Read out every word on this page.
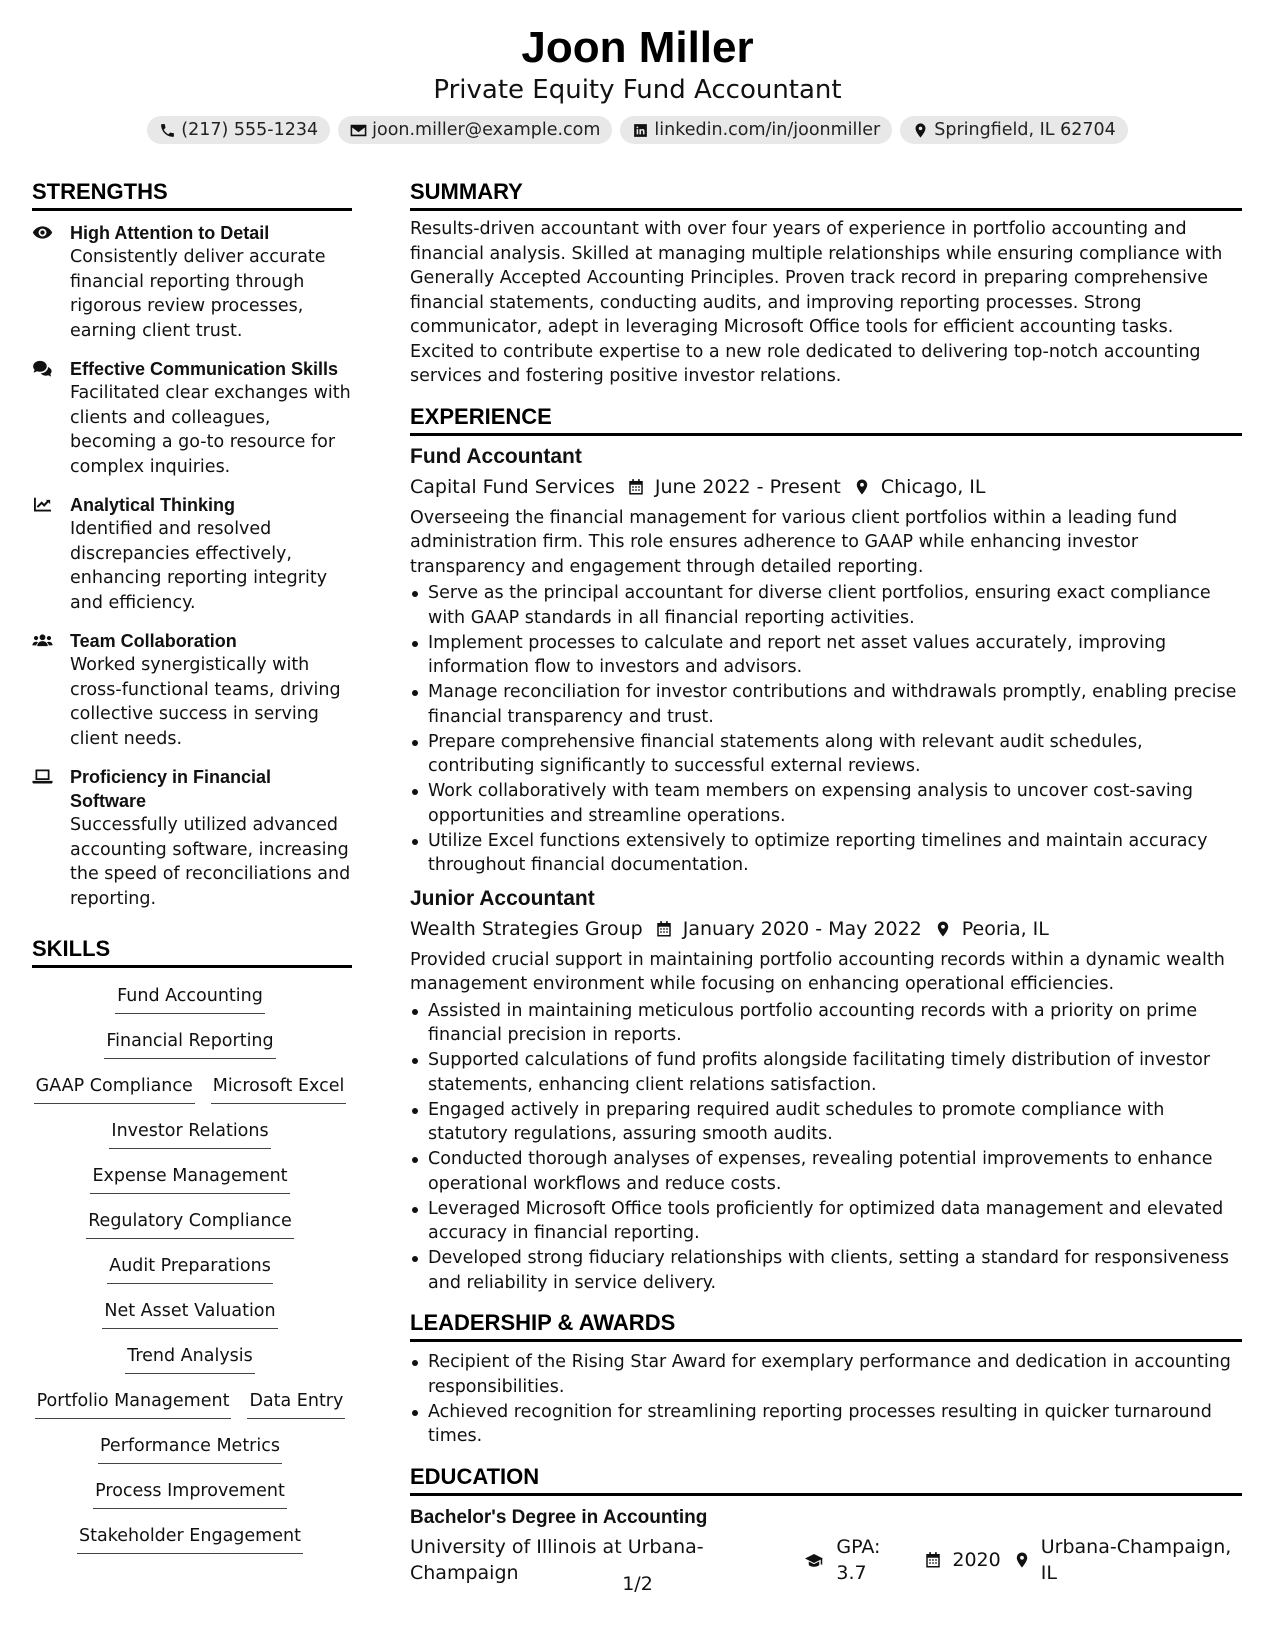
Joon Miller
Private Equity Fund Accountant
(217) 555-1234	joon.miller@example.com	linkedin.com/in/joonmiller	Springfield, IL 62704
STRENGTHS
High Attention to Detail
Consistently deliver accurate financial reporting through rigorous review processes, earning client trust.
Effective Communication Skills
Facilitated clear exchanges with clients and colleagues, becoming a go-to resource for complex inquiries.
Analytical Thinking
Identified and resolved discrepancies effectively, enhancing reporting integrity and efficiency.
Team Collaboration
Worked synergistically with cross-functional teams, driving collective success in serving client needs.
Proficiency in Financial Software
Successfully utilized advanced accounting software, increasing the speed of reconciliations and reporting.
SKILLS
Fund Accounting
Financial Reporting
GAAP Compliance Microsoft Excel
Investor Relations
Expense Management
Regulatory Compliance
Audit Preparations
Net Asset Valuation
Trend Analysis
Portfolio Management Data Entry
Performance Metrics
Process Improvement
Stakeholder Engagement
SUMMARY
Results-driven accountant with over four years of experience in portfolio accounting and financial analysis. Skilled at managing multiple relationships while ensuring compliance with Generally Accepted Accounting Principles. Proven track record in preparing comprehensive financial statements, conducting audits, and improving reporting processes. Strong communicator, adept in leveraging Microsoft Office tools for efficient accounting tasks. Excited to contribute expertise to a new role dedicated to delivering top-notch accounting services and fostering positive investor relations.
EXPERIENCE
Fund Accountant
Capital Fund Services June 2022 - Present Chicago, IL
Overseeing the financial management for various client portfolios within a leading fund administration firm. This role ensures adherence to GAAP while enhancing investor transparency and engagement through detailed reporting.
Serve as the principal accountant for diverse client portfolios, ensuring exact compliance with GAAP standards in all financial reporting activities.
Implement processes to calculate and report net asset values accurately, improving information flow to investors and advisors.
Manage reconciliation for investor contributions and withdrawals promptly, enabling precise financial transparency and trust.
Prepare comprehensive financial statements along with relevant audit schedules, contributing significantly to successful external reviews.
Work collaboratively with team members on expensing analysis to uncover cost-saving opportunities and streamline operations.
Utilize Excel functions extensively to optimize reporting timelines and maintain accuracy throughout financial documentation.
Junior Accountant
Wealth Strategies Group January 2020 - May 2022 Peoria, IL
Provided crucial support in maintaining portfolio accounting records within a dynamic wealth management environment while focusing on enhancing operational efficiencies.
Assisted in maintaining meticulous portfolio accounting records with a priority on prime financial precision in reports.
Supported calculations of fund profits alongside facilitating timely distribution of investor statements, enhancing client relations satisfaction.
Engaged actively in preparing required audit schedules to promote compliance with statutory regulations, assuring smooth audits.
Conducted thorough analyses of expenses, revealing potential improvements to enhance operational workflows and reduce costs.
Leveraged Microsoft Office tools proficiently for optimized data management and elevated accuracy in financial reporting.
Developed strong fiduciary relationships with clients, setting a standard for responsiveness and reliability in service delivery.
LEADERSHIP & AWARDS
Recipient of the Rising Star Award for exemplary performance and dedication in accounting responsibilities.
Achieved recognition for streamlining reporting processes resulting in quicker turnaround times.
EDUCATION
Bachelor's Degree in Accounting
University of Illinois at Urbana-Champaign
GPA: 3.7
2020
Urbana-Champaign, IL
1/2
